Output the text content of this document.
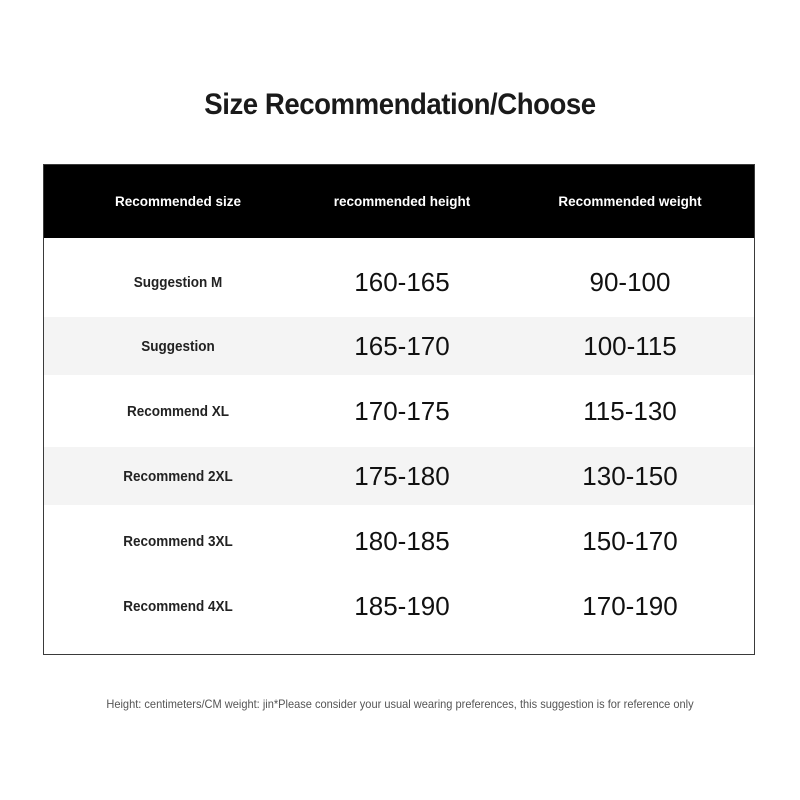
Size Recommendation/Choose
Recommended size	recommended height	Recommended weight
Suggestion M	160-165	90-100
Suggestion	165-170	100-115
Recommend XL	170-175	115-130
Recommend 2XL	175-180	130-150
Recommend 3XL	180-185	150-170
Recommend 4XL	185-190	170-190
Height: centimeters/CM weight: jin*Please consider your usual wearing preferences, this suggestion is for reference only
